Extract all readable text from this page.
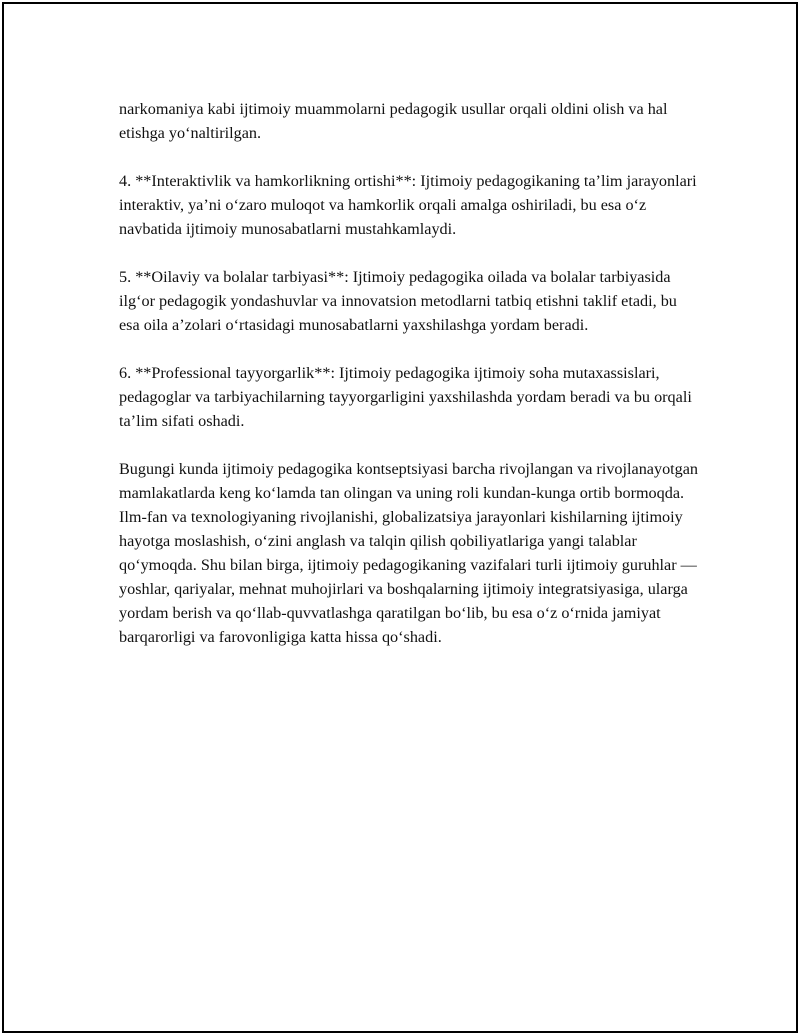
narkomaniya kabi ijtimoiy muammolarni pedagogik usullar orqali oldini olish va hal etishga yo‘naltirilgan.

4. **Interaktivlik va hamkorlikning ortishi**: Ijtimoiy pedagogikaning ta’lim jarayonlari interaktiv, ya’ni o‘zaro muloqot va hamkorlik orqali amalga oshiriladi, bu esa o‘z navbatida ijtimoiy munosabatlarni mustahkamlaydi.

5. **Oilaviy va bolalar tarbiyasi**: Ijtimoiy pedagogika oilada va bolalar tarbiyasida ilg‘or pedagogik yondashuvlar va innovatsion metodlarni tatbiq etishni taklif etadi, bu esa oila a’zolari o‘rtasidagi munosabatlarni yaxshilashga yordam beradi.

6. **Professional tayyorgarlik**: Ijtimoiy pedagogika ijtimoiy soha mutaxassislari, pedagoglar va tarbiyachilarning tayyorgarligini yaxshilashda yordam beradi va bu orqali ta’lim sifati oshadi.

Bugungi kunda ijtimoiy pedagogika kontseptsiyasi barcha rivojlangan va rivojlanayotgan mamlakatlarda keng ko‘lamda tan olingan va uning roli kundan-kunga ortib bormoqda. Ilm-fan va texnologiyaning rivojlanishi, globalizatsiya jarayonlari kishilarning ijtimoiy hayotga moslashish, o‘zini anglash va talqin qilish qobiliyatlariga yangi talablar qo‘ymoqda. Shu bilan birga, ijtimoiy pedagogikaning vazifalari turli ijtimoiy guruhlar — yoshlar, qariyalar, mehnat muhojirlari va boshqalarning ijtimoiy integratsiyasiga, ularga yordam berish va qo‘llab-quvvatlashga qaratilgan bo‘lib, bu esa o‘z o‘rnida jamiyat barqarorligi va farovonligiga katta hissa qo‘shadi.
